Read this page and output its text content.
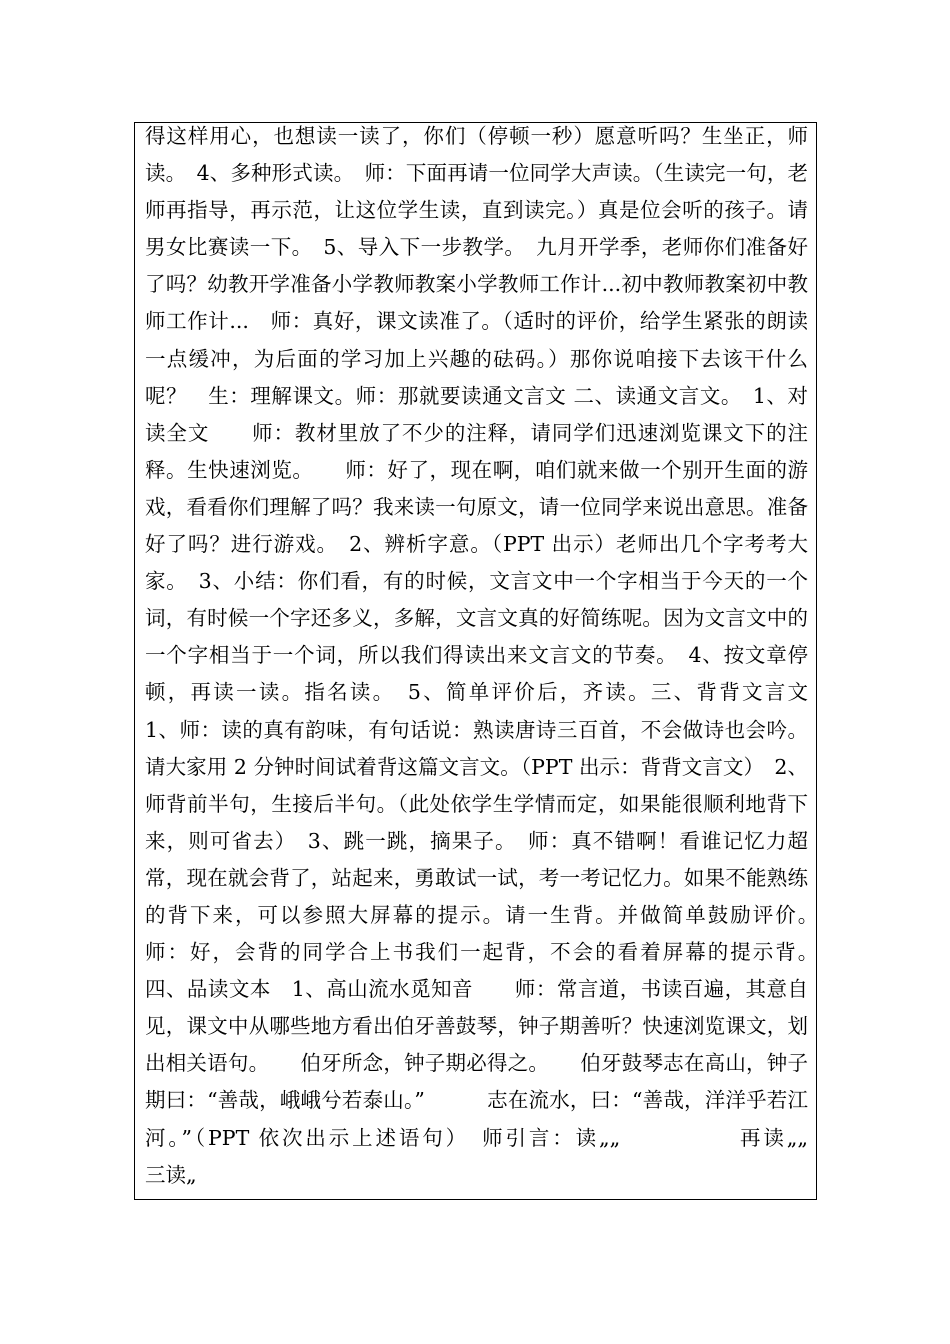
得这样用心，也想读一读了，你们（停顿一秒）愿意听吗？生坐正，师读。　4、多种形式读。　师：下面再请一位同学大声读。（生读完一句，老师再指导，再示范，让这位学生读，直到读完。）真是位会听的孩子。请男女比赛读一下。　5、导入下一步教学。　九月开学季，老师你们准备好了吗？幼教开学准备小学教师教案小学教师工作计...初中教师教案初中教师工作计...　师：真好，课文读准了。（适时的评价，给学生紧张的朗读一点缓冲，为后面的学习加上兴趣的砝码。）那你说咱接下去该干什么呢？　生：理解课文。师：那就要读通文言文 二、读通文言文。　1、对读全文　　师：教材里放了不少的注释，请同学们迅速浏览课文下的注释。生快速浏览。　　师：好了，现在啊，咱们就来做一个别开生面的游戏，看看你们理解了吗？我来读一句原文，请一位同学来说出意思。准备好了吗？进行游戏。　2、辨析字意。（PPT 出示）老师出几个字考考大家。　3、小结：你们看，有的时候，文言文中一个字相当于今天的一个词，有时候一个字还多义，多解，文言文真的好简练呢。因为文言文中的一个字相当于一个词，所以我们得读出来文言文的节奏。　4、按文章停顿，再读一读。指名读。　5、简单评价后，齐读。三、背背文言文　　1、师：读的真有韵味，有句话说：熟读唐诗三百首，不会做诗也会吟。请大家用 2 分钟时间试着背这篇文言文。（PPT 出示：背背文言文）　2、师背前半句，生接后半句。（此处依学生学情而定，如果能很顺利地背下来，则可省去）　3、跳一跳，摘果子。　师：真不错啊！看谁记忆力超常，现在就会背了，站起来，勇敢试一试，考一考记忆力。如果不能熟练的背下来，可以参照大屏幕的提示。请一生背。并做简单鼓励评价。　　师：好，会背的同学合上书我们一起背，不会的看着屏幕的提示背。　四、品读文本　1、高山流水觅知音　　师：常言道，书读百遍，其意自见，课文中从哪些地方看出伯牙善鼓琴，钟子期善听？快速浏览课文，划出相关语句。　　伯牙所念，钟子期必得之。　　伯牙鼓琴志在高山，钟子期曰：“善哉，峨峨兮若泰山。”　　　志在流水，曰：“善哉，洋洋乎若江河。”（PPT 依次出示上述语句）　师引言：读„„　　　　　再读„„　　　　　三读„
